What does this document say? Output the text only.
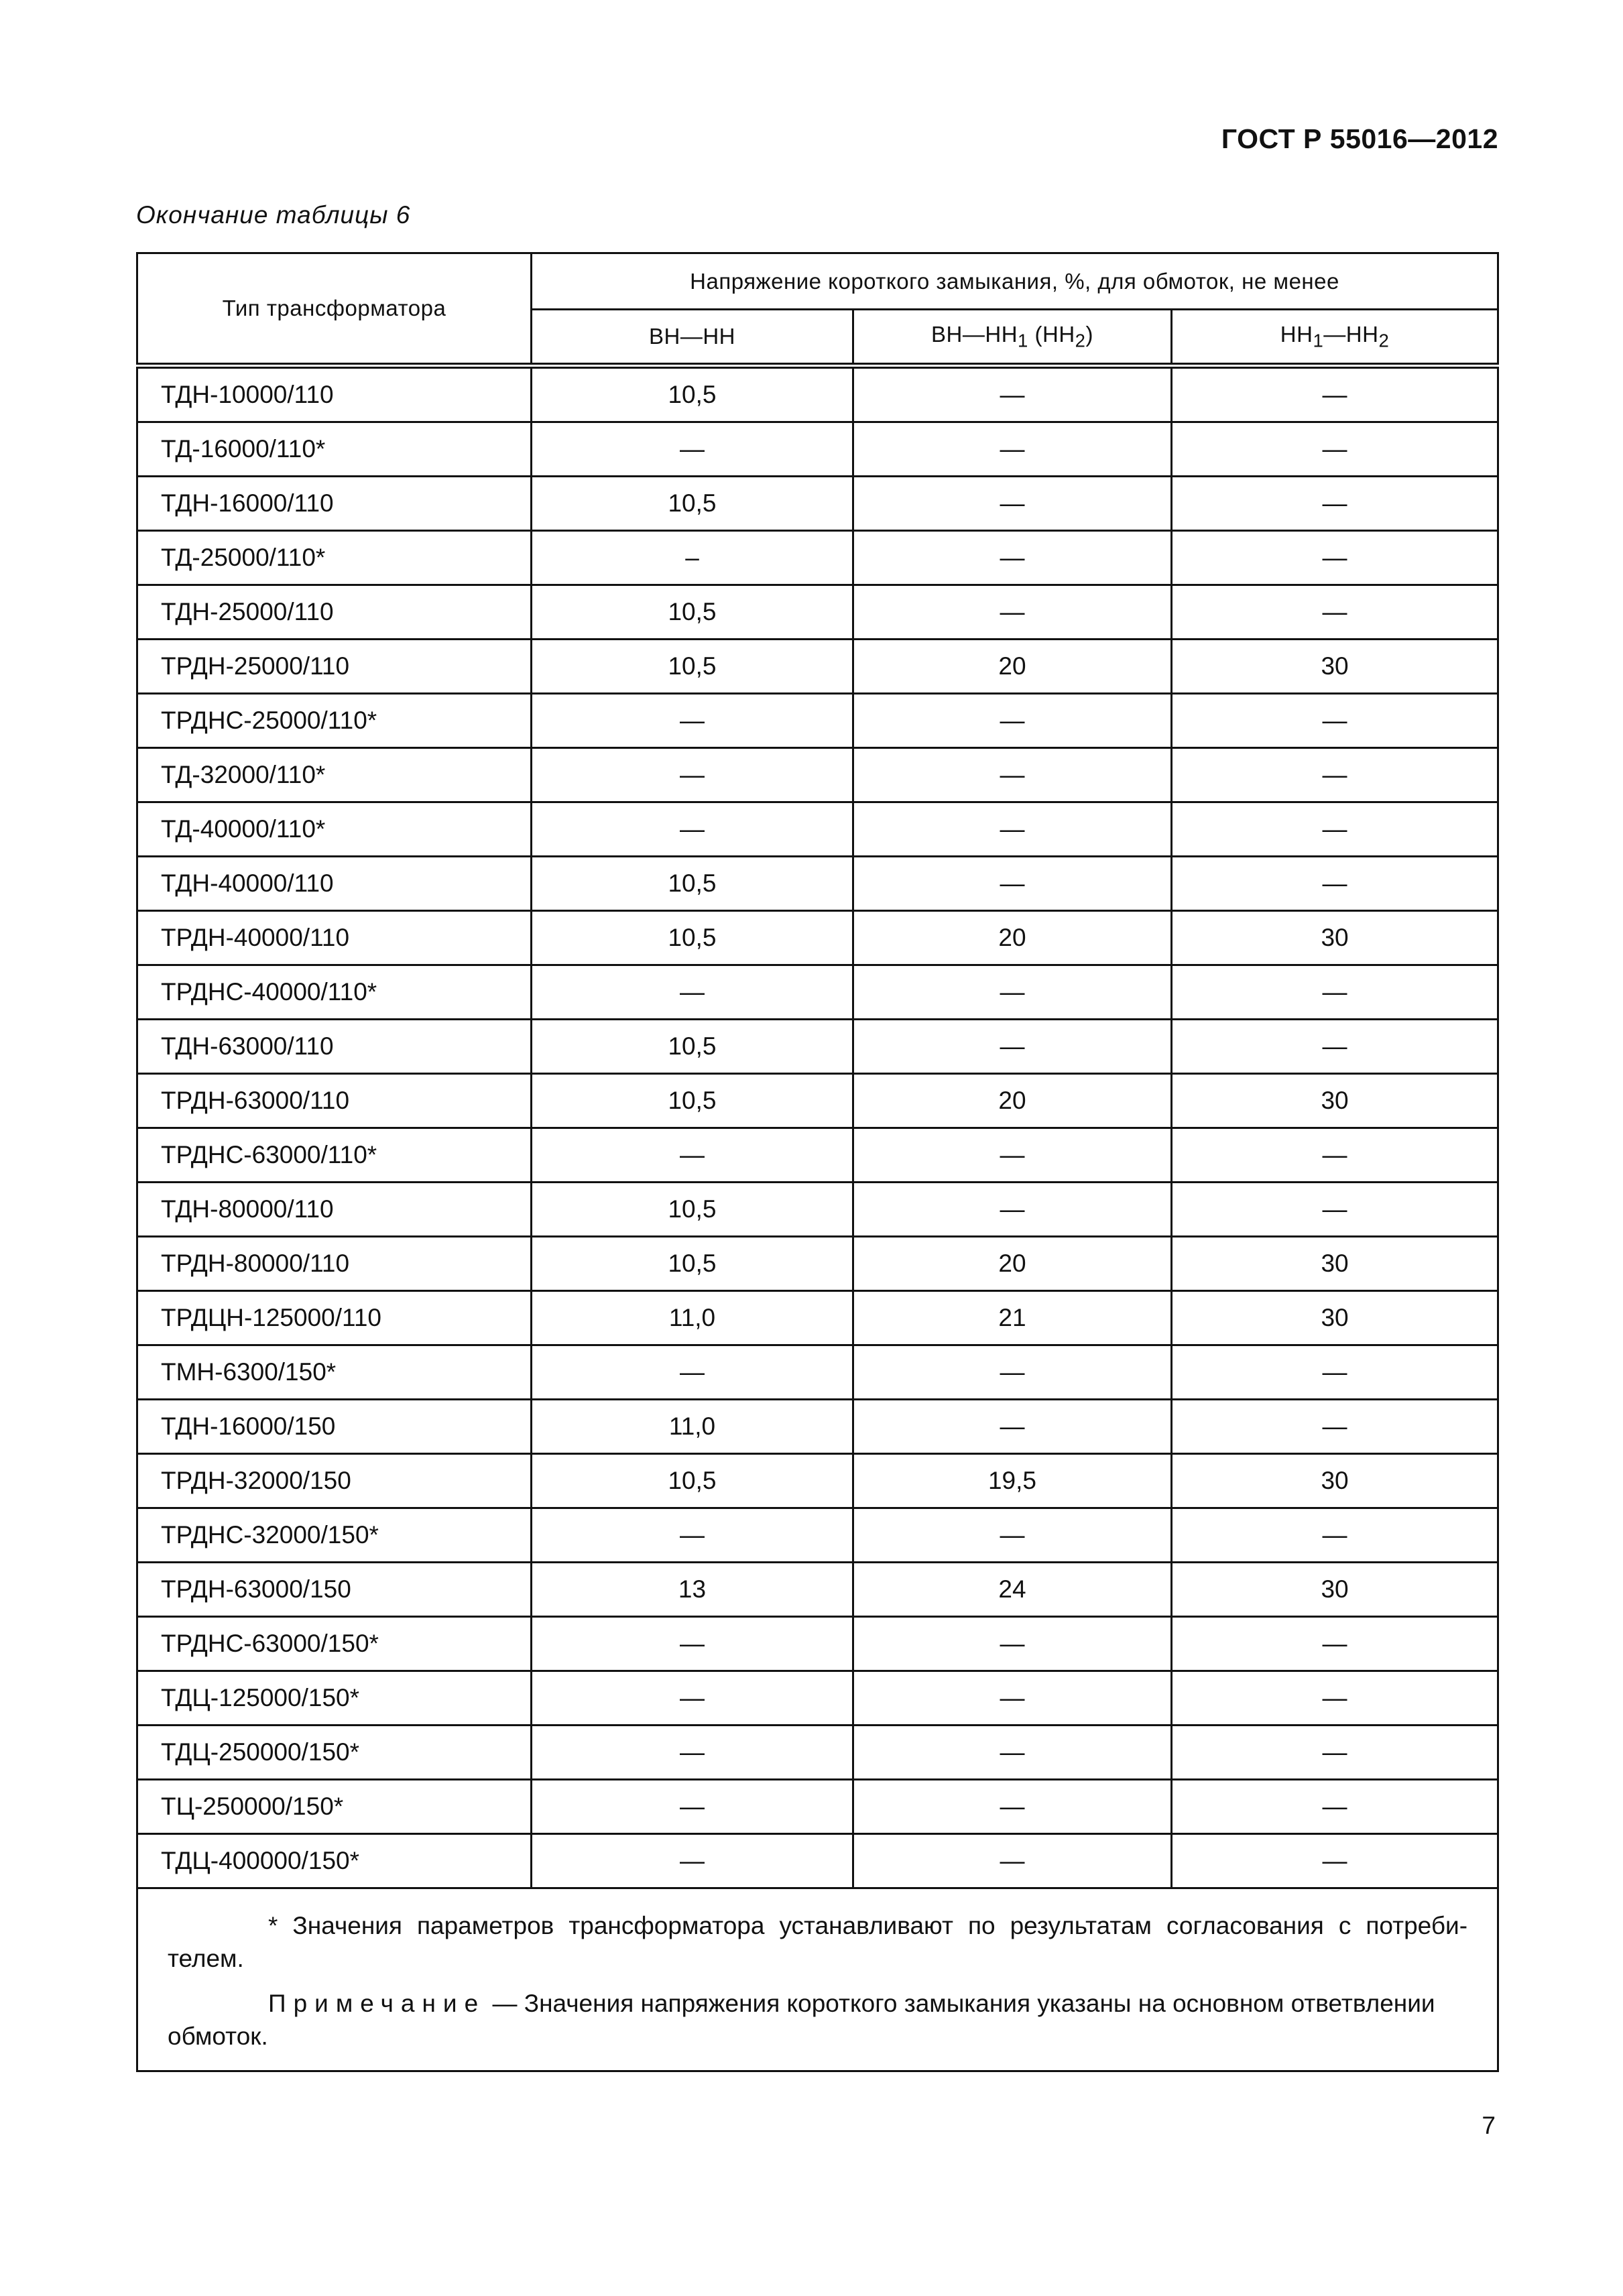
ГОСТ Р 55016—2012
Окончание таблицы 6
Тип трансформатора	Напряжение короткого замыкания, %, для обмоток, не менее		
	ВН—НН	$ВН—НН_1$ $(НН_2)$	$НН_1—НН_2$
ТДН-10000/110	10,5	—	—
ТД-16000/110*	—	—	—
ТДН-16000/110	10,5	—	—
ТД-25000/110*	–	—	—
ТДН-25000/110	10,5	—	—
ТРДН-25000/110	10,5	20	30
ТРДНС-25000/110*	—	—	—
ТД-32000/110*	—	—	—
ТД-40000/110*	—	—	—
ТДН-40000/110	10,5	—	—
ТРДН-40000/110	10,5	20	30
ТРДНС-40000/110*	—	—	—
ТДН-63000/110	10,5	—	—
ТРДН-63000/110	10,5	20	30
ТРДНС-63000/110*	—	—	—
ТДН-80000/110	10,5	—	—
ТРДН-80000/110	10,5	20	30
ТРДЦН-125000/110	11,0	21	30
ТМН-6300/150*	—	—	—
ТДН-16000/150	11,0	—	—
ТРДН-32000/150	10,5	19,5	30
ТРДНС-32000/150*	—	—	—
ТРДН-63000/150	13	24	30
ТРДНС-63000/150*	—	—	—
ТДЦ-125000/150*	—	—	—
ТДЦ-250000/150*	—	—	—
ТЦ-250000/150*	—	—	—
ТДЦ-400000/150*	—	—	—

* Значения параметров трансформатора устанавливают по результатам согласования с потреби-телем.
Примечание — Значения напряжения короткого замыкания указаны на основном ответвлении обмоток.			
7
